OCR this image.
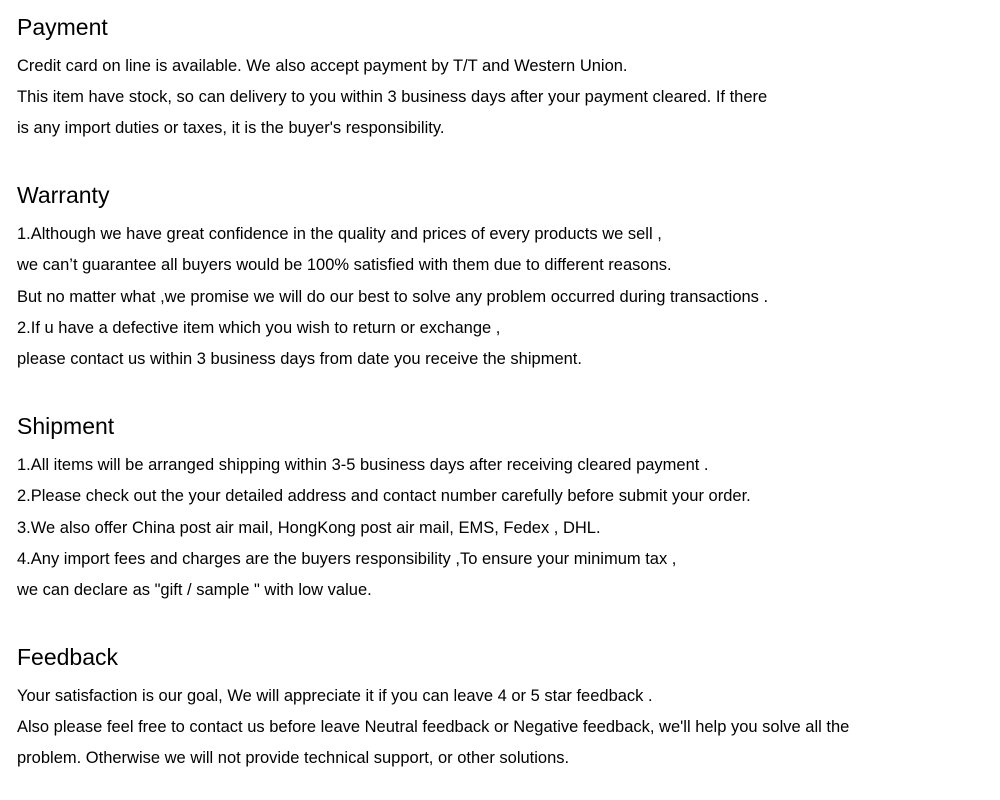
Payment

Credit card on line is available. We also accept payment by T/T and Western Union.

This item have stock, so can delivery to you within 3 business days after your payment cleared. If there

is any import duties or taxes, it is the buyer's responsibility.

Warranty

1.Although we have great confidence in the quality and prices of every products we sell ,

we can’t guarantee all buyers would be 100% satisfied with them due to different reasons.

But no matter what ,we promise we will do our best to solve any problem occurred during transactions .

2.If u have a defective item which you wish to return or exchange ,

please contact us within 3 business days from date you receive the shipment.

Shipment

1.All items will be arranged shipping within 3-5 business days after receiving cleared payment .

2.Please check out the your detailed address and contact number carefully before submit your order.

3.We also offer China post air mail, HongKong post air mail, EMS, Fedex , DHL.

4.Any import fees and charges are the buyers responsibility ,To ensure your minimum tax ,

we can declare as "gift / sample " with low value.

Feedback

Your satisfaction is our goal, We will appreciate it if you can leave 4 or 5 star feedback .

Also please feel free to contact us before leave Neutral feedback or Negative feedback, we'll help you solve all the

problem. Otherwise we will not provide technical support, or other solutions.
